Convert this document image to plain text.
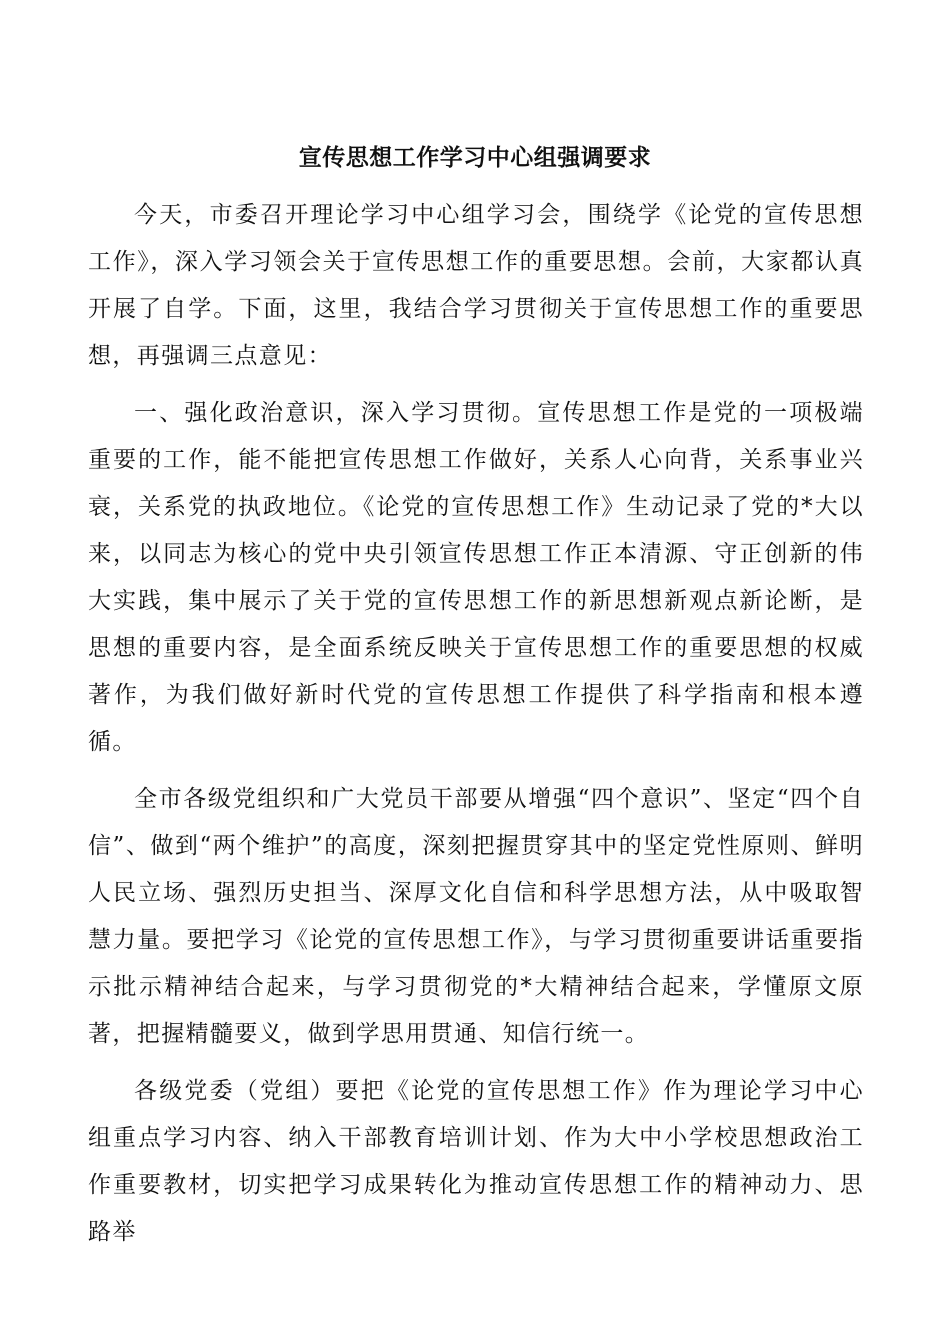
宣传思想工作学习中心组强调要求

今天，市委召开理论学习中心组学习会，围绕学《论党的宣传思想工作》，深入学习领会关于宣传思想工作的重要思想。会前，大家都认真开展了自学。下面，这里，我结合学习贯彻关于宣传思想工作的重要思想，再强调三点意见：

一、强化政治意识，深入学习贯彻。宣传思想工作是党的一项极端重要的工作，能不能把宣传思想工作做好，关系人心向背，关系事业兴衰，关系党的执政地位。《论党的宣传思想工作》生动记录了党的*大以来，以同志为核心的党中央引领宣传思想工作正本清源、守正创新的伟大实践，集中展示了关于党的宣传思想工作的新思想新观点新论断，是思想的重要内容，是全面系统反映关于宣传思想工作的重要思想的权威著作，为我们做好新时代党的宣传思想工作提供了科学指南和根本遵循。

全市各级党组织和广大党员干部要从增强“四个意识”、坚定“四个自信”、做到“两个维护”的高度，深刻把握贯穿其中的坚定党性原则、鲜明人民立场、强烈历史担当、深厚文化自信和科学思想方法，从中吸取智慧力量。要把学习《论党的宣传思想工作》，与学习贯彻重要讲话重要指示批示精神结合起来，与学习贯彻党的*大精神结合起来，学懂原文原著，把握精髓要义，做到学思用贯通、知信行统一。

各级党委（党组）要把《论党的宣传思想工作》作为理论学习中心组重点学习内容、纳入干部教育培训计划、作为大中小学校思想政治工作重要教材，切实把学习成果转化为推动宣传思想工作的精神动力、思路举
